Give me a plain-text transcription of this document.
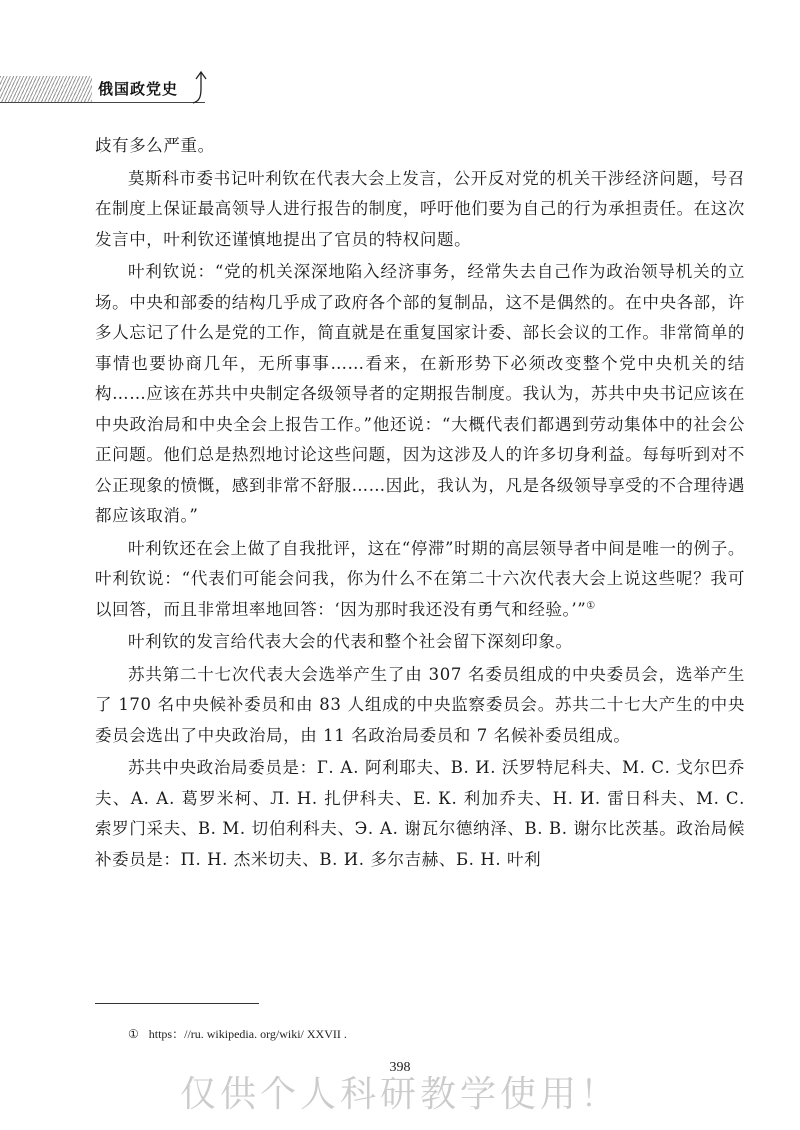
俄国政党史

歧有多么严重。

莫斯科市委书记叶利钦在代表大会上发言，公开反对党的机关干涉经济问题，号召在制度上保证最高领导人进行报告的制度，呼吁他们要为自己的行为承担责任。在这次发言中，叶利钦还谨慎地提出了官员的特权问题。

叶利钦说：“党的机关深深地陷入经济事务，经常失去自己作为政治领导机关的立场。中央和部委的结构几乎成了政府各个部的复制品，这不是偶然的。在中央各部，许多人忘记了什么是党的工作，简直就是在重复国家计委、部长会议的工作。非常简单的事情也要协商几年，无所事事……看来，在新形势下必须改变整个党中央机关的结构……应该在苏共中央制定各级领导者的定期报告制度。我认为，苏共中央书记应该在中央政治局和中央全会上报告工作。”他还说：“大概代表们都遇到劳动集体中的社会公正问题。他们总是热烈地讨论这些问题，因为这涉及人的许多切身利益。每每听到对不公正现象的愤慨，感到非常不舒服……因此，我认为，凡是各级领导享受的不合理待遇都应该取消。”

叶利钦还在会上做了自我批评，这在“停滞”时期的高层领导者中间是唯一的例子。叶利钦说：“代表们可能会问我，你为什么不在第二十六次代表大会上说这些呢？我可以回答，而且非常坦率地回答：‘因为那时我还没有勇气和经验。’”①

叶利钦的发言给代表大会的代表和整个社会留下深刻印象。

苏共第二十七次代表大会选举产生了由 307 名委员组成的中央委员会，选举产生了 170 名中央候补委员和由 83 人组成的中央监察委员会。苏共二十七大产生的中央委员会选出了中央政治局，由 11 名政治局委员和 7 名候补委员组成。

苏共中央政治局委员是：Г. А. 阿利耶夫、В. И. 沃罗特尼科夫、М. С. 戈尔巴乔夫、А. А. 葛罗米柯、Л. Н. 扎伊科夫、Е. К. 利加乔夫、Н. И. 雷日科夫、М. С. 索罗门采夫、В. М. 切伯利科夫、Э. А. 谢瓦尔德纳泽、В. В. 谢尔比茨基。政治局候补委员是：П. Н. 杰米切夫、В. И. 多尔吉赫、Б. Н. 叶利

① https：//ru. wikipedia. org/wiki/ XXVII .
398
仅供个人科研教学使用！
